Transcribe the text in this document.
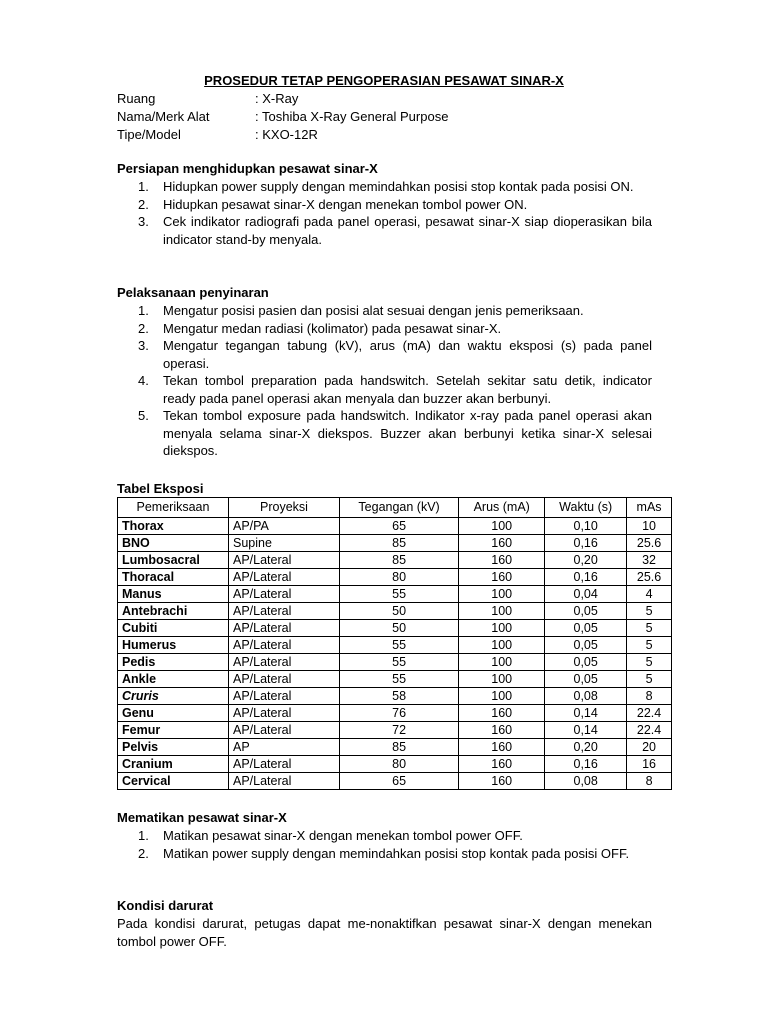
PROSEDUR TETAP PENGOPERASIAN PESAWAT SINAR-X
Ruang	: X-Ray
Nama/Merk Alat	: Toshiba X-Ray General Purpose
Tipe/Model	: KXO-12R
Persiapan menghidupkan pesawat sinar-X
1. Hidupkan power supply dengan memindahkan posisi stop kontak pada posisi ON.
2. Hidupkan pesawat sinar-X dengan menekan tombol power ON.
3. Cek indikator radiografi pada panel operasi, pesawat sinar-X siap dioperasikan bila indicator stand-by menyala.
Pelaksanaan penyinaran
1. Mengatur posisi pasien dan posisi alat sesuai dengan jenis pemeriksaan.
2. Mengatur medan radiasi (kolimator) pada pesawat sinar-X.
3. Mengatur tegangan tabung (kV), arus (mA) dan waktu eksposi (s) pada panel operasi.
4. Tekan tombol preparation pada handswitch. Setelah sekitar satu detik, indicator ready pada panel operasi akan menyala dan buzzer akan berbunyi.
5. Tekan tombol exposure pada handswitch. Indikator x-ray pada panel operasi akan menyala selama sinar-X diekspos. Buzzer akan berbunyi ketika sinar-X selesai diekspos.
Tabel Eksposi
Pemeriksaan	Proyeksi	Tegangan (kV)	Arus (mA)	Waktu (s)	mAs
Thorax	AP/PA	65	100	0,10	10
BNO	Supine	85	160	0,16	25.6
Lumbosacral	AP/Lateral	85	160	0,20	32
Thoracal	AP/Lateral	80	160	0,16	25.6
Manus	AP/Lateral	55	100	0,04	4
Antebrachi	AP/Lateral	50	100	0,05	5
Cubiti	AP/Lateral	50	100	0,05	5
Humerus	AP/Lateral	55	100	0,05	5
Pedis	AP/Lateral	55	100	0,05	5
Ankle	AP/Lateral	55	100	0,05	5
Cruris	AP/Lateral	58	100	0,08	8
Genu	AP/Lateral	76	160	0,14	22.4
Femur	AP/Lateral	72	160	0,14	22.4
Pelvis	AP	85	160	0,20	20
Cranium	AP/Lateral	80	160	0,16	16
Cervical	AP/Lateral	65	160	0,08	8
Mematikan pesawat sinar-X
1. Matikan pesawat sinar-X dengan menekan tombol power OFF.
2. Matikan power supply dengan memindahkan posisi stop kontak pada posisi OFF.
Kondisi darurat
Pada kondisi darurat, petugas dapat me-nonaktifkan pesawat sinar-X dengan menekan tombol power OFF.
